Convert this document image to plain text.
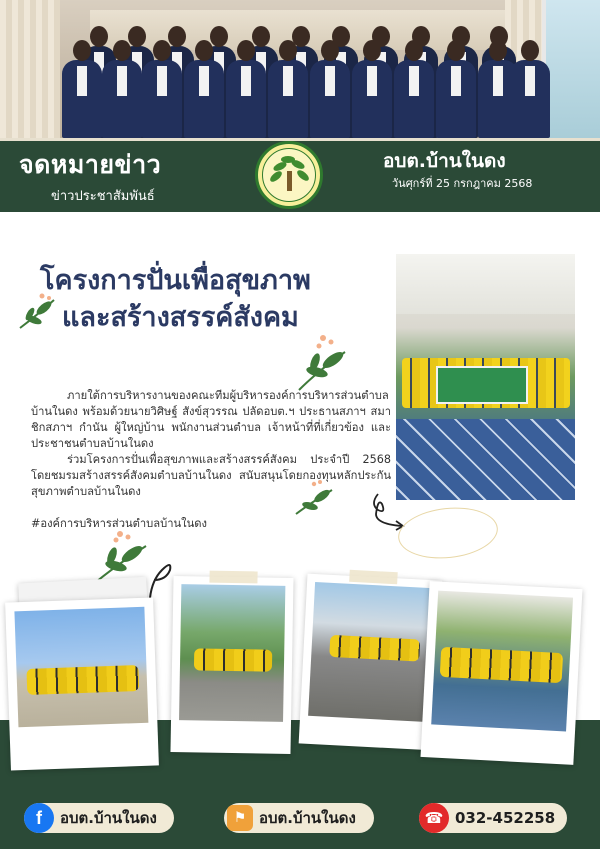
จดหมายข่าว
ข่าวประชาสัมพันธ์
อบต.บ้านในดง
วันศุกร์ที่ 25 กรกฎาคม 2568
โครงการปั่นเพื่อสุขภาพ
และสร้างสรรค์สังคม

ภายใต้การบริหารงานของคณะทีมผู้บริหารองค์การบริหารส่วนตำบลบ้านในดง พร้อมด้วยนายวิศิษฐ์ สังข์สุวรรณ ปลัดอบต.ฯ ประธานสภาฯ สมาชิกสภาฯ กำนัน ผู้ใหญ่บ้าน พนักงานส่วนตำบล เจ้าหน้าที่ที่เกี่ยวข้อง และประชาชนตำบลบ้านในดง

ร่วมโครงการปั่นเพื่อสุขภาพและสร้างสรรค์สังคม ประจำปี 2568 โดยชมรมสร้างสรรค์สังคมตำบลบ้านในดง สนับสนุนโดยกองทุนหลักประกันสุขภาพตำบลบ้านในดง

#องค์การบริหารส่วนตำบลบ้านในดง
f	อบต.บ้านในดง	⚑ อบต.บ้านในดง	☎ 032-452258
